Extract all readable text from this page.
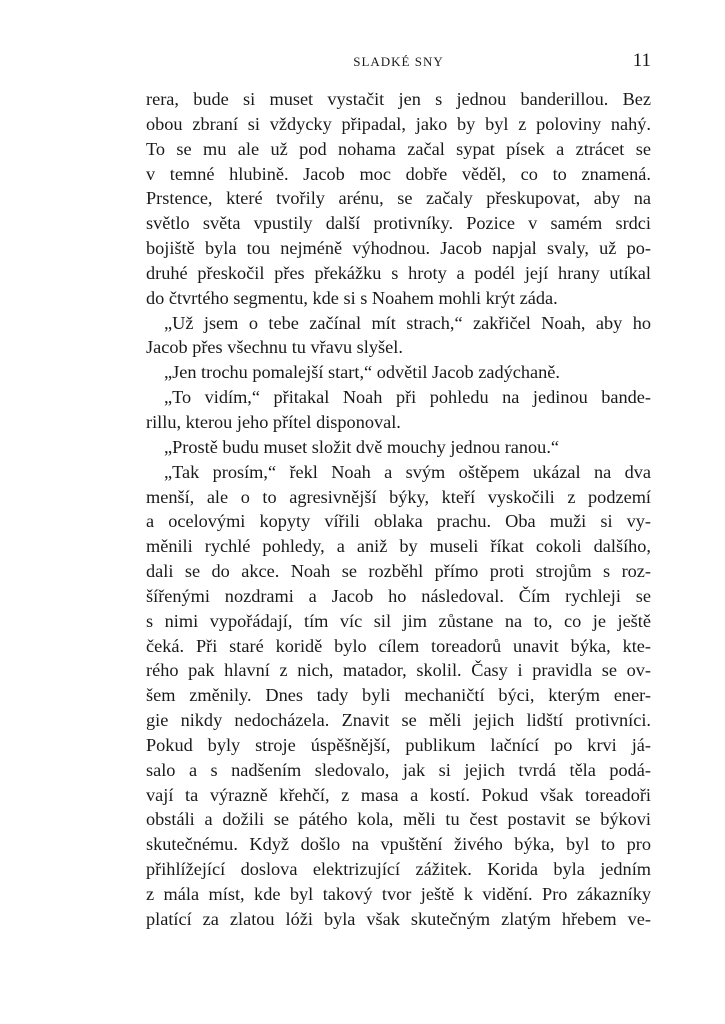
SLADKÉ SNY	11
rera, bude si muset vystačit jen s jednou banderillou. Bez
obou zbraní si vždycky připadal, jako by byl z poloviny nahý.
To se mu ale už pod nohama začal sypat písek a ztrácet se
v temné hlubině. Jacob moc dobře věděl, co to znamená.
Prstence, které tvořily arénu, se začaly přeskupovat, aby na
světlo světa vpustily další protivníky. Pozice v samém srdci
bojiště byla tou nejméně výhodnou. Jacob napjal svaly, už po-
druhé přeskočil přes překážku s hroty a podél její hrany utíkal
do čtvrtého segmentu, kde si s Noahem mohli krýt záda.
„Už jsem o tebe začínal mít strach,“ zakřičel Noah, aby ho
Jacob přes všechnu tu vřavu slyšel.
„Jen trochu pomalejší start,“ odvětil Jacob zadýchaně.
„To vidím,“ přitakal Noah při pohledu na jedinou bande-
rillu, kterou jeho přítel disponoval.
„Prostě budu muset složit dvě mouchy jednou ranou.“
„Tak prosím,“ řekl Noah a svým oštěpem ukázal na dva
menší, ale o to agresivnější býky, kteří vyskočili z podzemí
a ocelovými kopyty vířili oblaka prachu. Oba muži si vy-
měnili rychlé pohledy, a aniž by museli říkat cokoli dalšího,
dali se do akce. Noah se rozběhl přímo proti strojům s roz-
šířenými nozdrami a Jacob ho následoval. Čím rychleji se
s nimi vypořádají, tím víc sil jim zůstane na to, co je ještě
čeká. Při staré koridě bylo cílem toreadorů unavit býka, kte-
rého pak hlavní z nich, matador, skolil. Časy i pravidla se ov-
šem změnily. Dnes tady byli mechaničtí býci, kterým ener-
gie nikdy nedocházela. Znavit se měli jejich lidští protivníci.
Pokud byly stroje úspěšnější, publikum lačnící po krvi já-
salo a s nadšením sledovalo, jak si jejich tvrdá těla podá-
vají ta výrazně křehčí, z masa a kostí. Pokud však toreadoři
obstáli a dožili se pátého kola, měli tu čest postavit se býkovi
skutečnému. Když došlo na vpuštění živého býka, byl to pro
přihlížející doslova elektrizující zážitek. Korida byla jedním
z mála míst, kde byl takový tvor ještě k vidění. Pro zákazníky
platící za zlatou lóži byla však skutečným zlatým hřebem ve-
